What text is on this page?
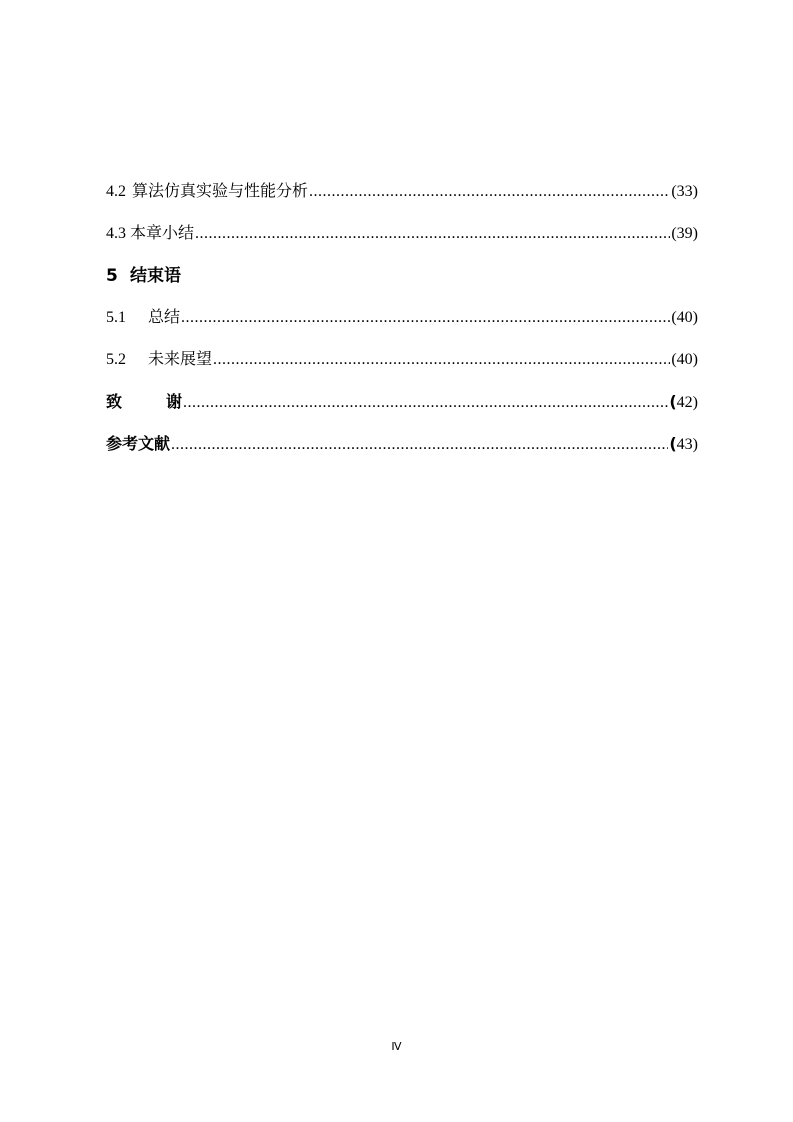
4.2 算法仿真实验与性能分析 .....	(33)
4.3 本章小结 .....	(39)
5 结束语
5.1 总结 .....	(40)
5.2 未来展望 .....	(40)
致	谢 .....	(42)
参考文献 .....	(43)
Ⅳ
